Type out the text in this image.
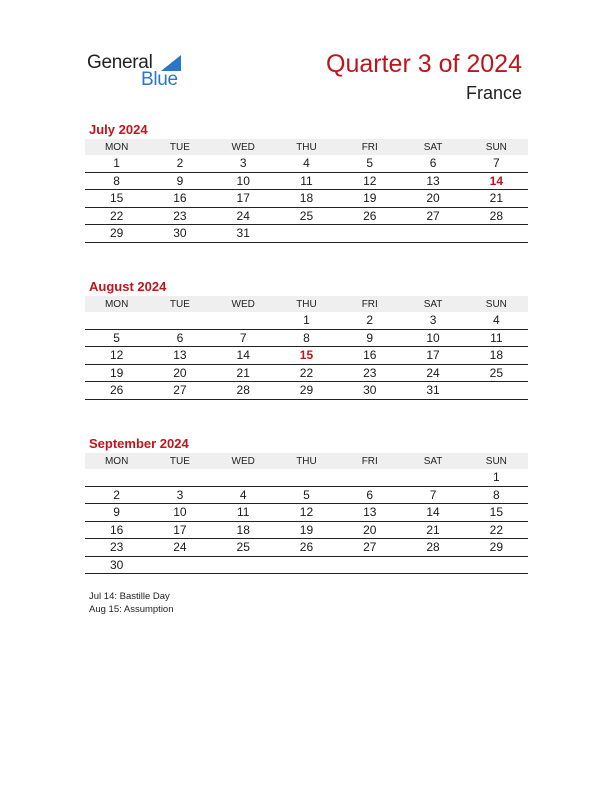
General
Blue
Quarter 3 of 2024
France
July 2024
MON	TUE	WED	THU	FRI	SAT	SUN
1	2	3	4	5	6	7
8	9	10	11	12	13	14
15	16	17	18	19	20	21
22	23	24	25	26	27	28
29	30	31				
August 2024
MON	TUE	WED	THU	FRI	SAT	SUN
			1	2	3	4
5	6	7	8	9	10	11
12	13	14	15	16	17	18
19	20	21	22	23	24	25
26	27	28	29	30	31	
September 2024
MON	TUE	WED	THU	FRI	SAT	SUN
						1
2	3	4	5	6	7	8
9	10	11	12	13	14	15
16	17	18	19	20	21	22
23	24	25	26	27	28	29
30						
Jul 14: Bastille Day
Aug 15: Assumption
